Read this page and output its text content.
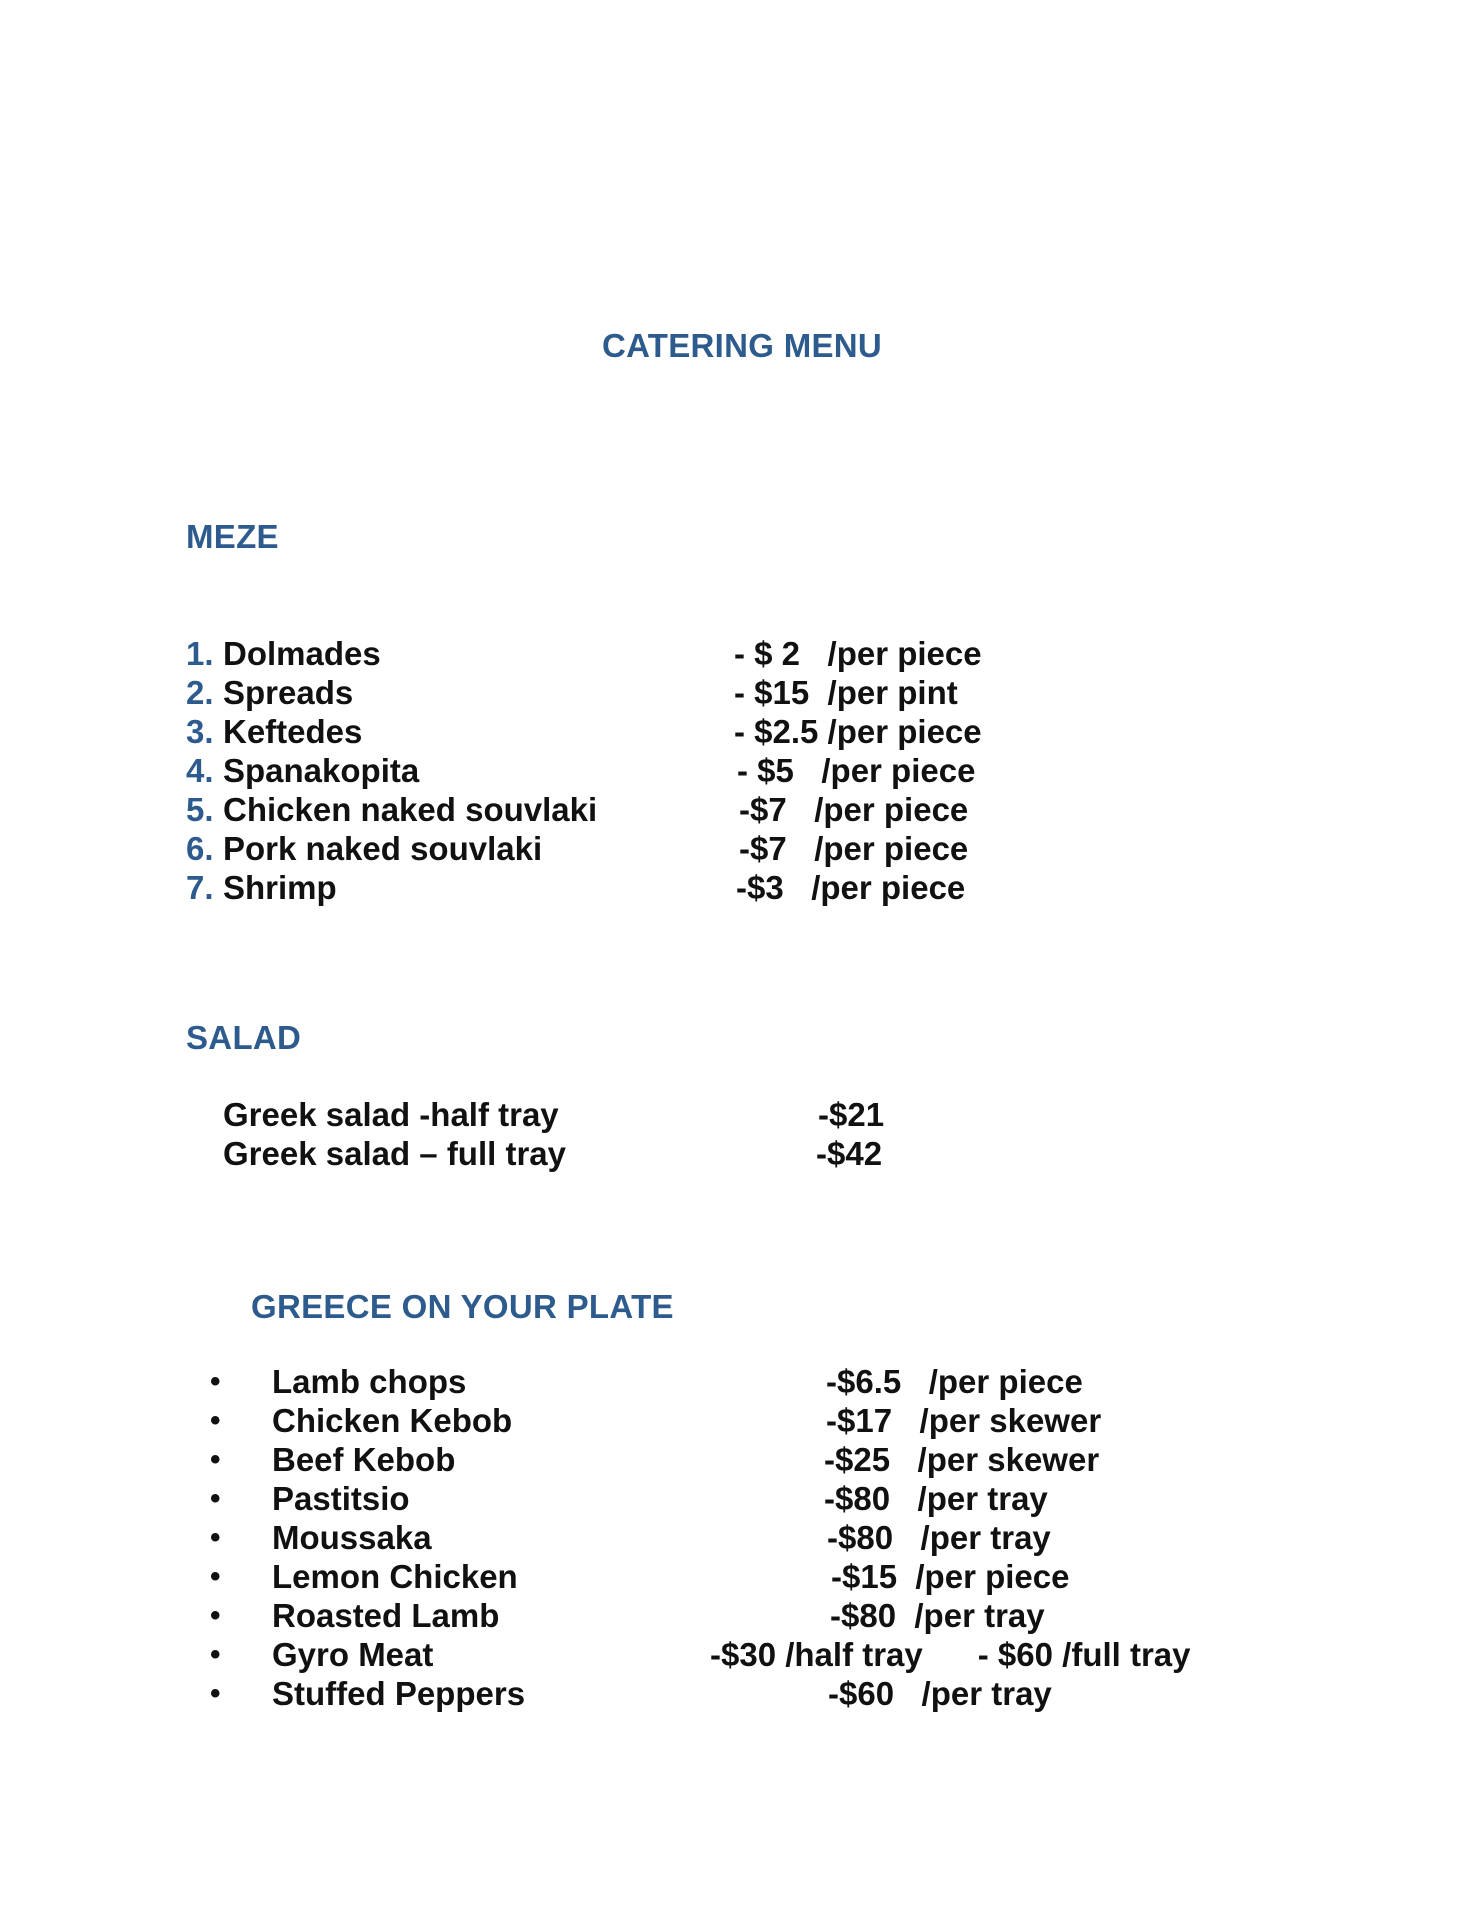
CATERING MENU
MEZE
1. Dolmades	- $ 2   /per piece
2. Spreads	- $15  /per pint
3. Keftedes	- $2.5 /per piece
4. Spanakopita	- $5   /per piece
5. Chicken naked souvlaki	-$7   /per piece
6. Pork naked souvlaki	-$7   /per piece
7. Shrimp	-$3   /per piece
SALAD
Greek salad -half tray	-$21
Greek salad – full tray	-$42
GREECE ON YOUR PLATE
• Lamb chops	-$6.5   /per piece
• Chicken Kebob	-$17   /per skewer
• Beef Kebob	-$25   /per skewer
• Pastitsio	-$80   /per tray
• Moussaka	-$80   /per tray
• Lemon Chicken	-$15  /per piece
• Roasted Lamb	-$80  /per tray
• Gyro Meat	-$30 /half tray      - $60 /full tray
• Stuffed Peppers	-$60   /per tray
